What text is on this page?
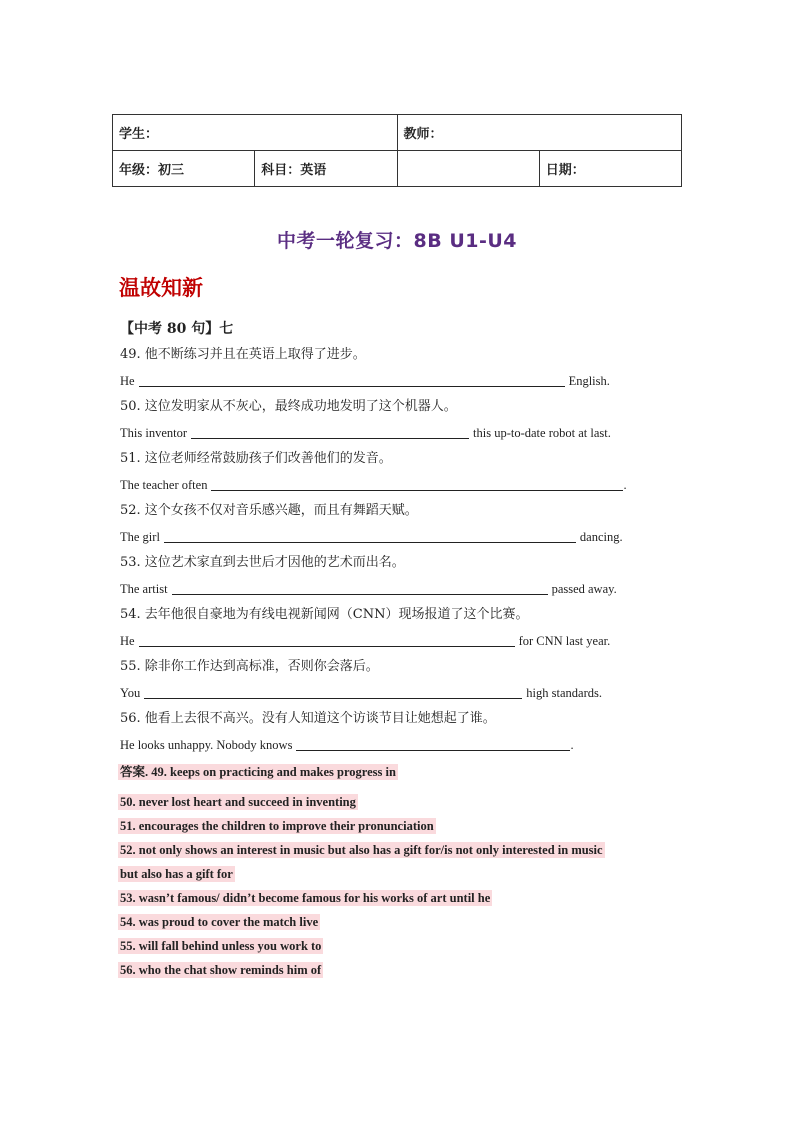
学生：		教师：	
年级：初三	科目：英语		日期：
中考一轮复习：8B U1-U4
温故知新
【中考 80 句】七
49. 他不断练习并且在英语上取得了进步。
He	English.
50. 这位发明家从不灰心，最终成功地发明了这个机器人。
This inventor	this up-to-date robot at last.
51. 这位老师经常鼓励孩子们改善他们的发音。
The teacher often	.
52. 这个女孩不仅对音乐感兴趣，而且有舞蹈天赋。
The girl	dancing.
53. 这位艺术家直到去世后才因他的艺术而出名。
The artist	passed away.
54. 去年他很自豪地为有线电视新闻网（CNN）现场报道了这个比赛。
He	for CNN last year.
55. 除非你工作达到高标准，否则你会落后。
You	high standards.
56. 他看上去很不高兴。没有人知道这个访谈节目让她想起了谁。
He looks unhappy. Nobody knows	.
答案. 49. keeps on practicing and makes progress in
50. never lost heart and succeed in inventing
51. encourages the children to improve their pronunciation
52. not only shows an interest in music but also has a gift for/is not only interested in music
but also has a gift for
53. wasn’t famous/ didn’t become famous for his works of art until he
54. was proud to cover the match live
55. will fall behind unless you work to
56. who the chat show reminds him of
